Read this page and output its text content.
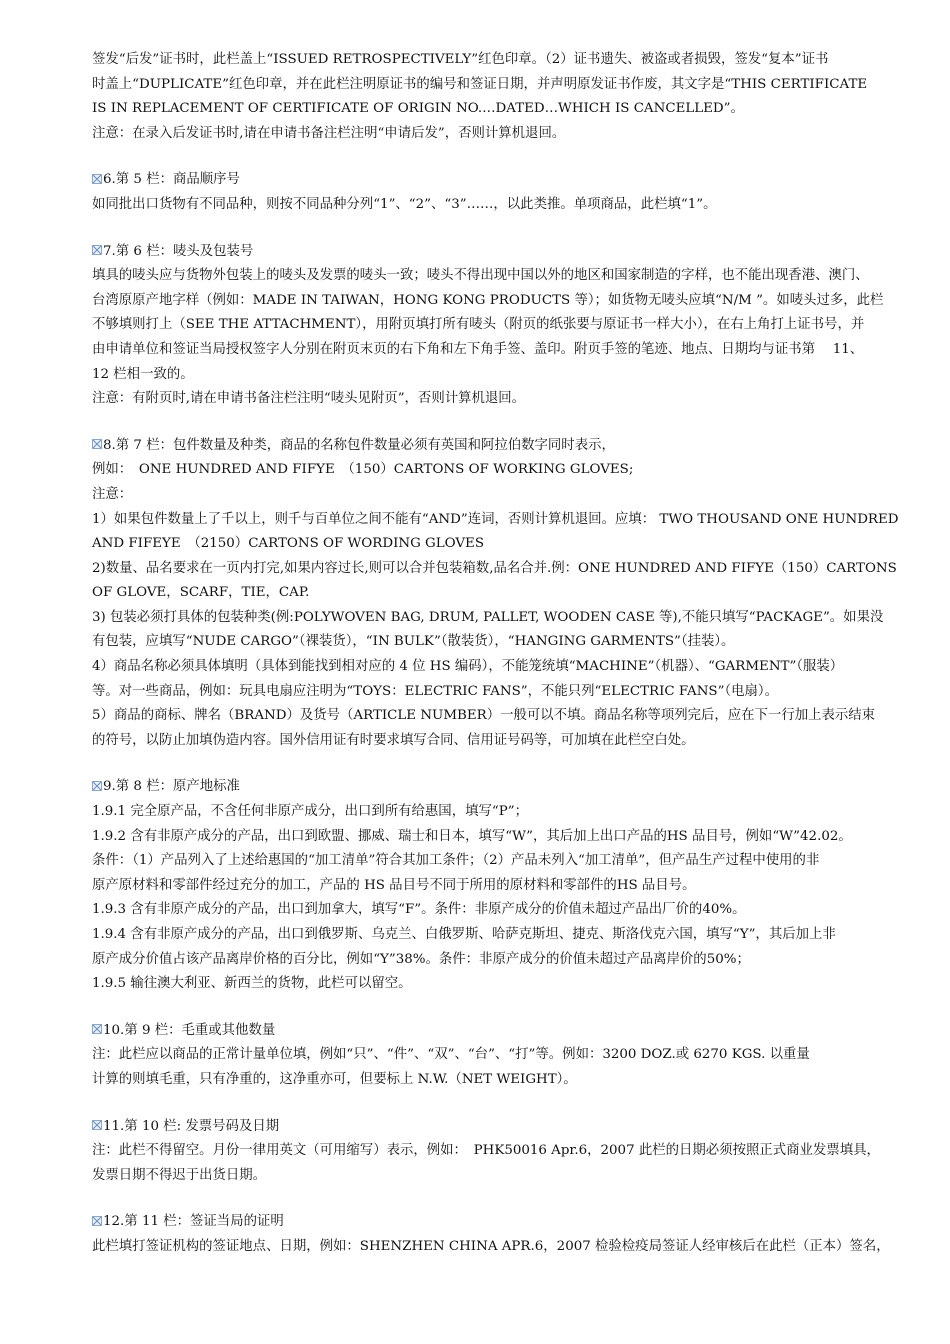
签发“后发”证书时，此栏盖上“ISSUED RETROSPECTIVELY”红色印章。（2）证书遗失、被盗或者损毁，签发“复本”证书

时盖上“DUPLICATE”红色印章，并在此栏注明原证书的编号和签证日期，并声明原发证书作废，其文字是“THIS CERTIFICATE

IS IN REPLACEMENT OF CERTIFICATE OF ORIGIN NO.…DATED…WHICH IS CANCELLED”。

注意：在录入后发证书时,请在申请书备注栏注明“申请后发”，否则计算机退回。

6.第 5 栏：商品顺序号

如同批出口货物有不同品种，则按不同品种分列“1”、“2”、“3”……，以此类推。单项商品，此栏填“1”。

7.第 6 栏：唛头及包装号

填具的唛头应与货物外包装上的唛头及发票的唛头一致；唛头不得出现中国以外的地区和国家制造的字样，也不能出现香港、澳门、

台湾原原产地字样（例如：MADE IN TAIWAN，HONG KONG PRODUCTS 等）；如货物无唛头应填“N/M ”。如唛头过多，此栏

不够填则打上（SEE THE ATTACHMENT），用附页填打所有唛头（附页的纸张要与原证书一样大小），在右上角打上证书号，并

由申请单位和签证当局授权签字人分别在附页末页的右下角和左下角手签、盖印。附页手签的笔迹、地点、日期均与证书第　 11、

12 栏相一致的。

注意：有附页时,请在申请书备注栏注明“唛头见附页”，否则计算机退回。

8.第 7 栏：包件数量及种类，商品的名称包件数量必须有英国和阿拉伯数字同时表示，

例如：　ONE HUNDRED AND FIFYE　（150）CARTONS OF WORKING GLOVES;

注意：

1）如果包件数量上了千以上，则千与百单位之间不能有“AND”连词，否则计算机退回。应填： TWO THOUSAND ONE HUNDRED

AND FIFEYE　（2150）CARTONS OF WORDING GLOVES

2)数量、品名要求在一页内打完,如果内容过长,则可以合并包装箱数,品名合并.例：ONE HUNDRED AND FIFYE（150）CARTONS

OF GLOVE，SCARF，TIE，CAP.

3) 包装必须打具体的包装种类(例:POLYWOVEN BAG, DRUM, PALLET, WOODEN CASE 等),不能只填写“PACKAGE”。如果没

有包装，应填写“NUDE CARGO”（裸装货），“IN BULK”（散装货），“HANGING GARMENTS”（挂装）。

4）商品名称必须具体填明（具体到能找到相对应的 4 位 HS 编码），不能笼统填“MACHINE”（机器）、“GARMENT”（服装）

等。对一些商品，例如：玩具电扇应注明为“TOYS：ELECTRIC FANS”，不能只列“ELECTRIC FANS”（电扇）。

5）商品的商标、牌名（BRAND）及货号（ARTICLE NUMBER）一般可以不填。商品名称等项列完后，应在下一行加上表示结束

的符号，以防止加填伪造内容。国外信用证有时要求填写合同、信用证号码等，可加填在此栏空白处。

9.第 8 栏：原产地标准

1.9.1 完全原产品，不含任何非原产成分，出口到所有给惠国，填写“P”；

1.9.2 含有非原产成分的产品，出口到欧盟、挪威、瑞士和日本，填写“W”，其后加上出口产品的HS 品目号，例如“W”42.02。

条件：（1）产品列入了上述给惠国的“加工清单”符合其加工条件；（2）产品未列入“加工清单”，但产品生产过程中使用的非

原产原材料和零部件经过充分的加工，产品的 HS 品目号不同于所用的原材料和零部件的HS 品目号。

1.9.3 含有非原产成分的产品，出口到加拿大，填写“F”。条件：非原产成分的价值未超过产品出厂价的40%。

1.9.4 含有非原产成分的产品，出口到俄罗斯、乌克兰、白俄罗斯、哈萨克斯坦、捷克、斯洛伐克六国，填写“Y”，其后加上非

原产成分价值占该产品离岸价格的百分比，例如“Y”38%。条件：非原产成分的价值未超过产品离岸价的50%；

1.9.5 输往澳大利亚、新西兰的货物，此栏可以留空。

10.第 9 栏：毛重或其他数量

注：此栏应以商品的正常计量单位填，例如“只”、“件”、“双”、“台”、“打”等。例如：3200 DOZ.或 6270 KGS. 以重量

计算的则填毛重，只有净重的，这净重亦可，但要标上 N.W.（NET WEIGHT）。

11.第 10 栏: 发票号码及日期

注：此栏不得留空。月份一律用英文（可用缩写）表示，例如：　PHK50016 Apr.6，2007 此栏的日期必须按照正式商业发票填具，

发票日期不得迟于出货日期。

12.第 11 栏：签证当局的证明

此栏填打签证机构的签证地点、日期，例如：SHENZHEN CHINA APR.6，2007 检验检疫局签证人经审核后在此栏（正本）签名，
